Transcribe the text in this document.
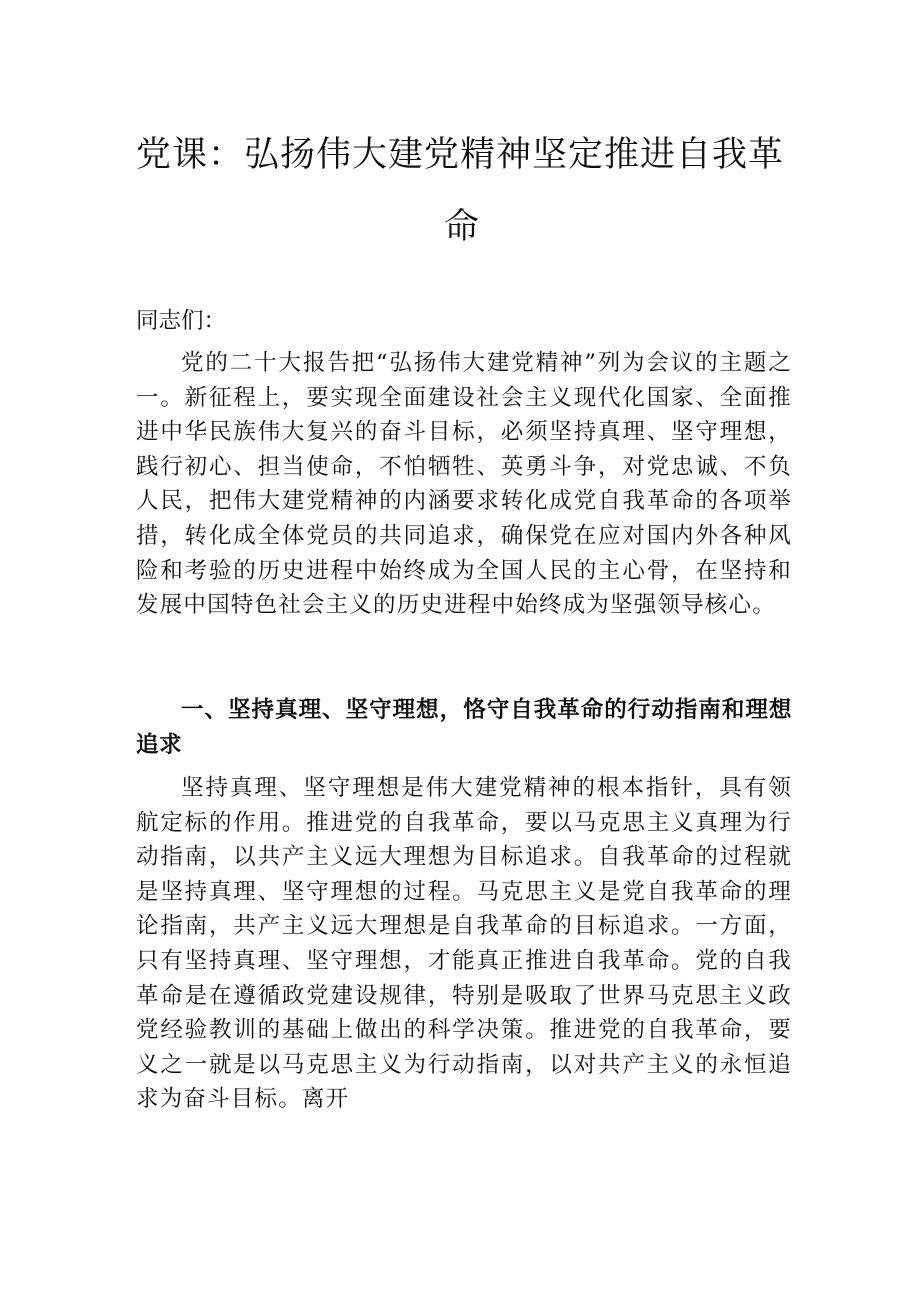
党课：弘扬伟大建党精神坚定推进自我革
命

同志们：

党的二十大报告把“弘扬伟大建党精神”列为会议的主题之一。新征程上，要实现全面建设社会主义现代化国家、全面推进中华民族伟大复兴的奋斗目标，必须坚持真理、坚守理想，践行初心、担当使命，不怕牺牲、英勇斗争，对党忠诚、不负人民，把伟大建党精神的内涵要求转化成党自我革命的各项举措，转化成全体党员的共同追求，确保党在应对国内外各种风险和考验的历史进程中始终成为全国人民的主心骨，在坚持和发展中国特色社会主义的历史进程中始终成为坚强领导核心。

一、坚持真理、坚守理想，恪守自我革命的行动指南和理想追求

坚持真理、坚守理想是伟大建党精神的根本指针，具有领航定标的作用。推进党的自我革命，要以马克思主义真理为行动指南，以共产主义远大理想为目标追求。自我革命的过程就是坚持真理、坚守理想的过程。马克思主义是党自我革命的理论指南，共产主义远大理想是自我革命的目标追求。一方面，只有坚持真理、坚守理想，才能真正推进自我革命。党的自我革命是在遵循政党建设规律，特别是吸取了世界马克思主义政党经验教训的基础上做出的科学决策。推进党的自我革命，要义之一就是以马克思主义为行动指南，以对共产主义的永恒追求为奋斗目标。离开
